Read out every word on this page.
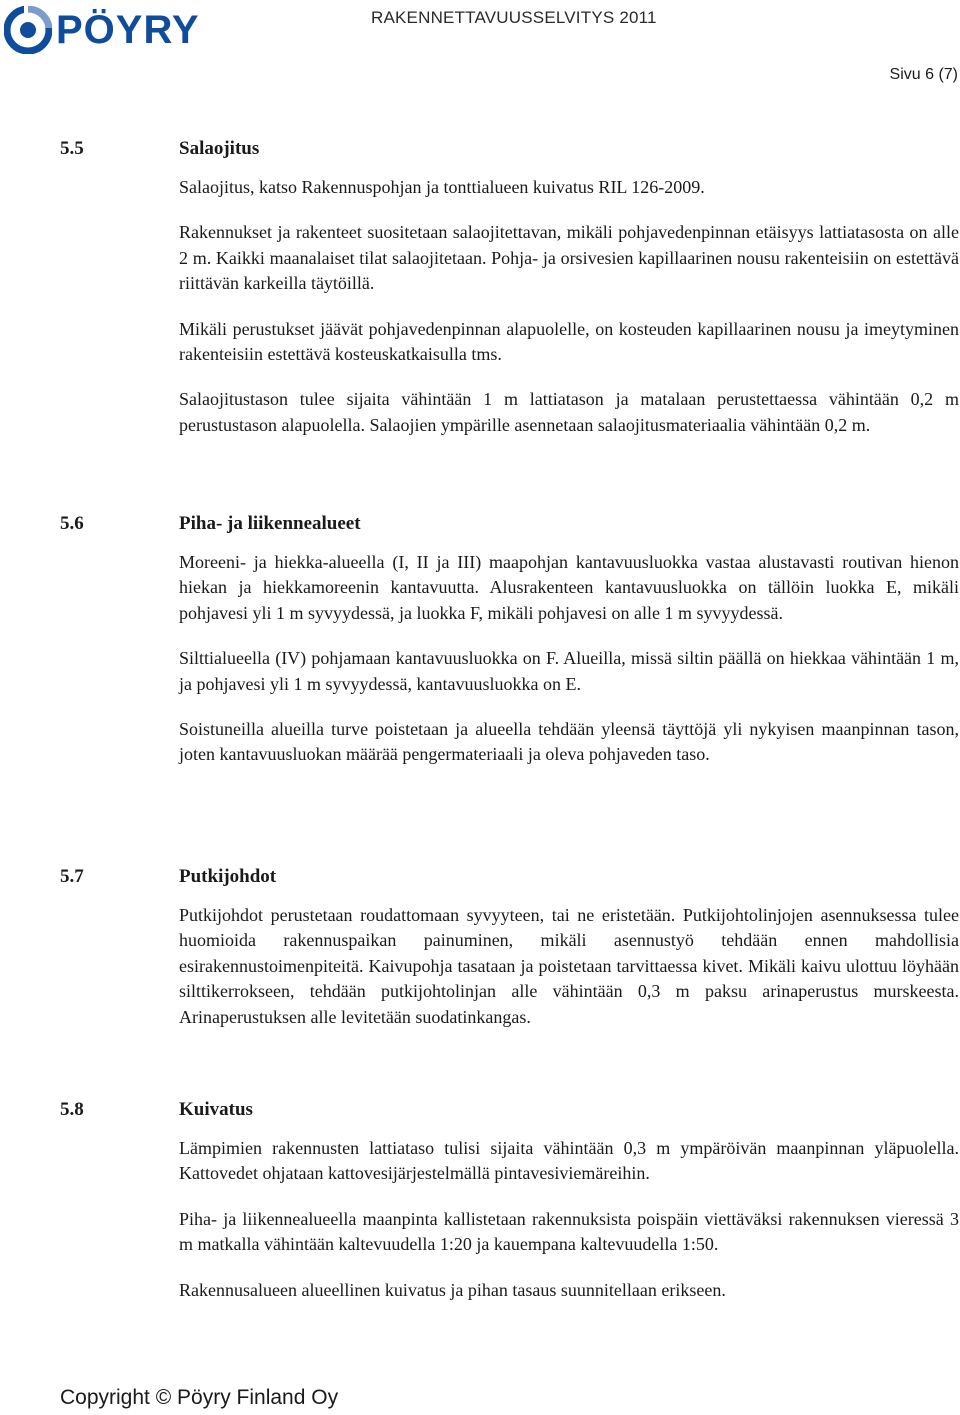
PÖYRY	RAKENNETTAVUUSSELVITYS 2011
Sivu 6 (7)
5.5	Salaojitus

Salaojitus, katso Rakennuspohjan ja tonttialueen kuivatus RIL 126-2009.

Rakennukset ja rakenteet suositetaan salaojitettavan, mikäli pohjavedenpinnan etäisyys lattiatasosta on alle 2 m. Kaikki maanalaiset tilat salaojitetaan. Pohja- ja orsivesien kapillaarinen nousu rakenteisiin on estettävä riittävän karkeilla täytöillä.

Mikäli perustukset jäävät pohjavedenpinnan alapuolelle, on kosteuden kapillaarinen nousu ja imeytyminen rakenteisiin estettävä kosteuskatkaisulla tms.

Salaojitustason tulee sijaita vähintään 1 m lattiatason ja matalaan perustettaessa vähintään 0,2 m perustustason alapuolella. Salaojien ympärille asennetaan salaojitusmateriaalia vähintään 0,2 m.

5.6	Piha- ja liikennealueet

Moreeni- ja hiekka-alueella (I, II ja III) maapohjan kantavuusluokka vastaa alustavasti routivan hienon hiekan ja hiekkamoreenin kantavuutta. Alusrakenteen kantavuusluokka on tällöin luokka E, mikäli pohjavesi yli 1 m syvyydessä, ja luokka F, mikäli pohjavesi on alle 1 m syvyydessä.

Silttialueella (IV) pohjamaan kantavuusluokka on F. Alueilla, missä siltin päällä on hiekkaa vähintään 1 m, ja pohjavesi yli 1 m syvyydessä, kantavuusluokka on E.

Soistuneilla alueilla turve poistetaan ja alueella tehdään yleensä täyttöjä yli nykyisen maanpinnan tason, joten kantavuusluokan määrää pengermateriaali ja oleva pohjaveden taso.

5.7	Putkijohdot

Putkijohdot perustetaan roudattomaan syvyyteen, tai ne eristetään. Putkijohtolinjojen asennuksessa tulee huomioida rakennuspaikan painuminen, mikäli asennustyö tehdään ennen mahdollisia esirakennustoimenpiteitä. Kaivupohja tasataan ja poistetaan tarvittaessa kivet. Mikäli kaivu ulottuu löyhään silttikerrokseen, tehdään putkijohtolinjan alle vähintään 0,3 m paksu arinaperustus murskeesta. Arinaperustuksen alle levitetään suodatinkangas.

5.8	Kuivatus

Lämpimien rakennusten lattiataso tulisi sijaita vähintään 0,3 m ympäröivän maanpinnan yläpuolella. Kattovedet ohjataan kattovesijärjestelmällä pintavesiviemäreihin.

Piha- ja liikennealueella maanpinta kallistetaan rakennuksista poispäin viettäväksi rakennuksen vieressä 3 m matkalla vähintään kaltevuudella 1:20 ja kauempana kaltevuudella 1:50.

Rakennusalueen alueellinen kuivatus ja pihan tasaus suunnitellaan erikseen.

Copyright © Pöyry Finland Oy
